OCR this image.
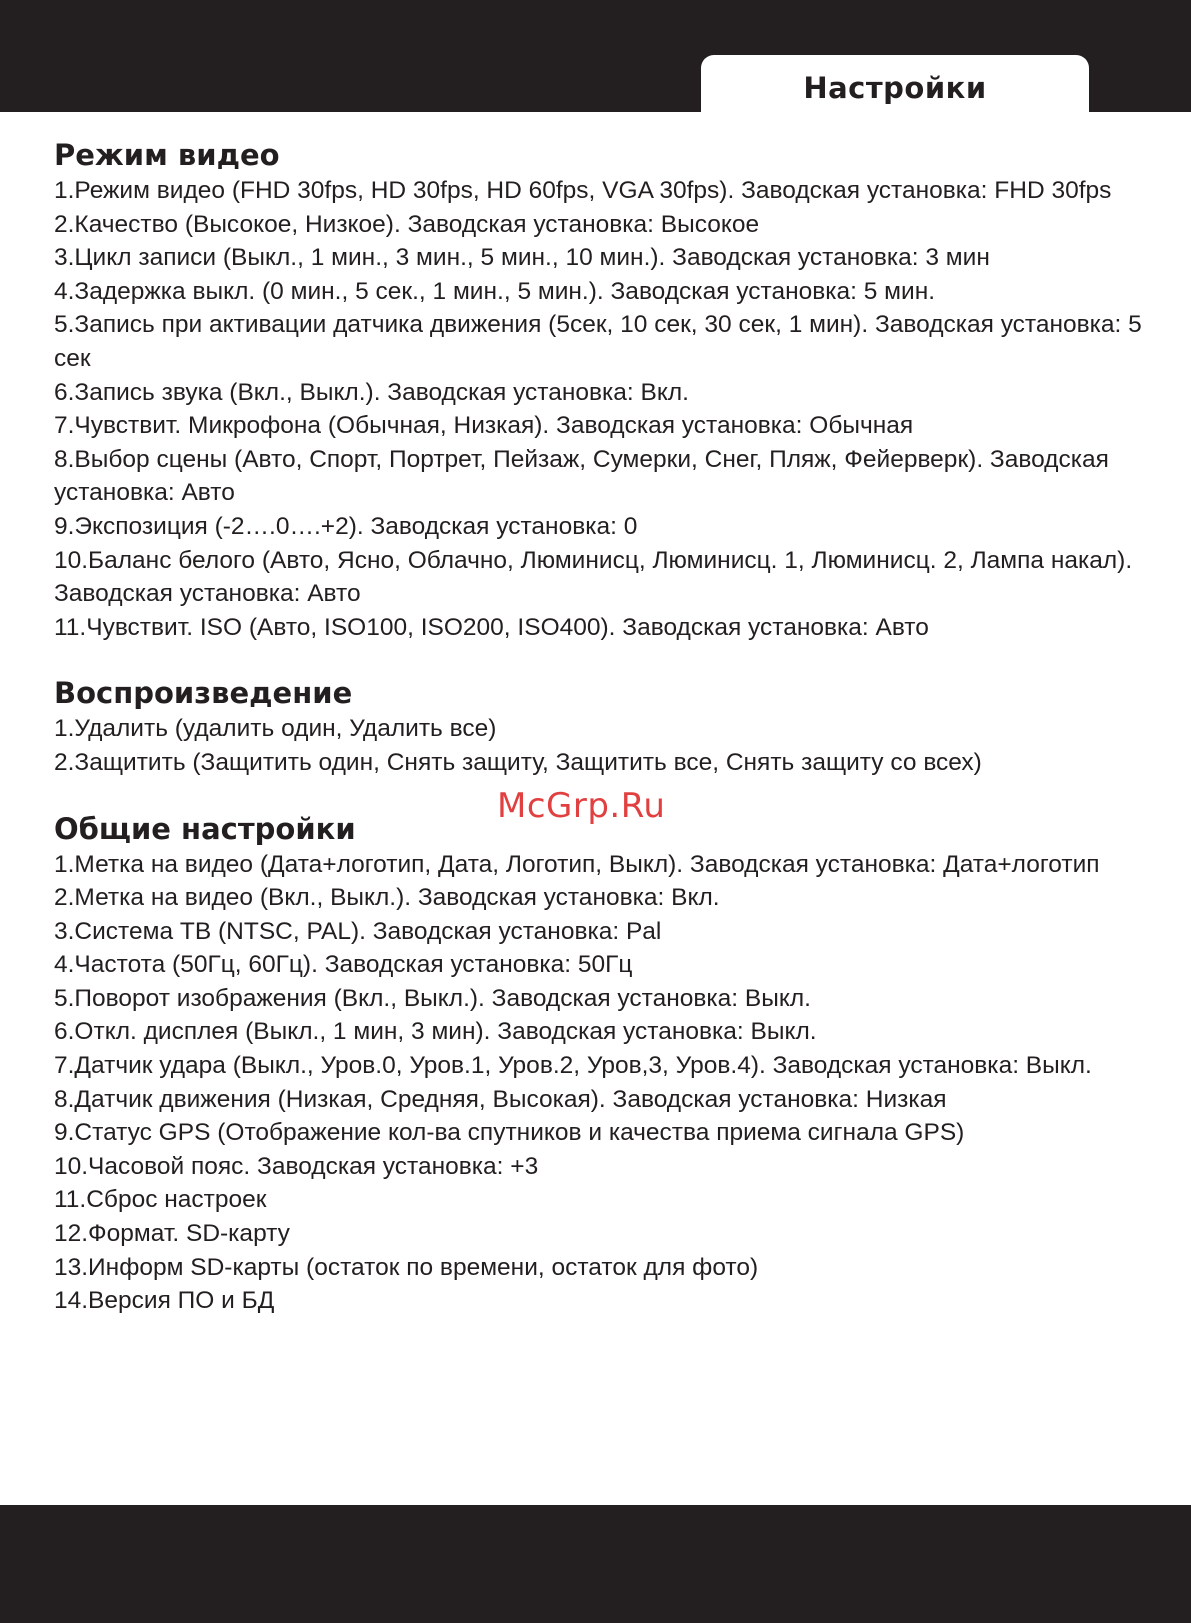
Настройки
Режим видео
1.Режим видео (FHD 30fps, HD 30fps, HD 60fps, VGA 30fps). Заводская установка: FHD 30fps
2.Качество (Высокое, Низкое). Заводская установка: Высокое
3.Цикл записи (Выкл., 1 мин., 3 мин., 5 мин., 10 мин.). Заводская установка: 3 мин
4.Задержка выкл. (0 мин., 5 сек., 1 мин., 5 мин.). Заводская установка: 5 мин.
5.Запись при активации датчика движения (5сек, 10 сек, 30 сек, 1 мин). Заводская установка: 5 сек
6.Запись звука (Вкл., Выкл.). Заводская установка: Вкл.
7.Чувствит. Микрофона (Обычная, Низкая). Заводская установка: Обычная
8.Выбор сцены (Авто, Спорт, Портрет, Пейзаж, Сумерки, Снег, Пляж, Фейерверк). Заводская установка: Авто
9.Экспозиция (-2….0….+2). Заводская установка: 0
10.Баланс белого (Авто, Ясно, Облачно, Люминисц, Люминисц. 1, Люминисц. 2, Лампа накал). Заводская установка: Авто
11.Чувствит. ISO (Авто, ISO100, ISO200, ISO400). Заводская установка: Авто
Воспроизведение
1.Удалить (удалить один, Удалить все)
2.Защитить (Защитить один, Снять защиту, Защитить все, Снять защиту со всех)
Общие настройки
1.Метка на видео (Дата+логотип, Дата, Логотип, Выкл). Заводская установка: Дата+логотип
2.Метка на видео (Вкл., Выкл.). Заводская установка: Вкл.
3.Система ТВ (NTSC, PAL). Заводская установка: Pal
4.Частота (50Гц, 60Гц). Заводская установка: 50Гц
5.Поворот изображения (Вкл., Выкл.). Заводская установка: Выкл.
6.Откл. дисплея (Выкл., 1 мин, 3 мин). Заводская установка: Выкл.
7.Датчик удара (Выкл., Уров.0, Уров.1, Уров.2, Уров,3, Уров.4). Заводская установка: Выкл.
8.Датчик движения (Низкая, Средняя, Высокая). Заводская установка: Низкая
9.Статус GPS (Отображение кол-ва спутников и качества приема сигнала GPS)
10.Часовой пояс. Заводская установка: +3
11.Сброс настроек
12.Формат. SD-карту
13.Информ SD-карты (остаток по времени, остаток для фото)
14.Версия ПО и БД
McGrp.Ru
